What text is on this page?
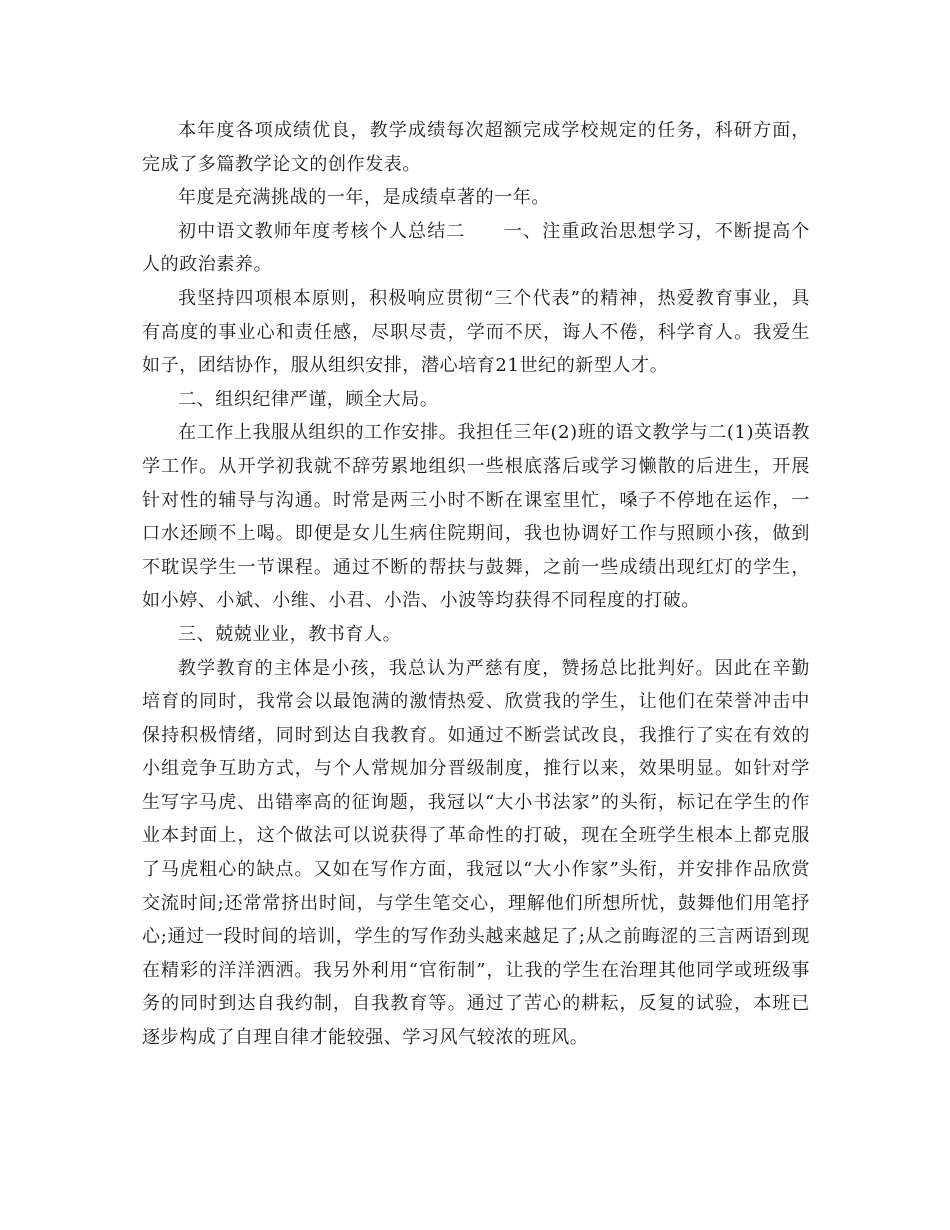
本年度各项成绩优良，教学成绩每次超额完成学校规定的任务，科研方面，完成了多篇教学论文的创作发表。

年度是充满挑战的一年，是成绩卓著的一年。

初中语文教师年度考核个人总结二　　一、注重政治思想学习，不断提高个人的政治素养。

我坚持四项根本原则，积极响应贯彻“三个代表”的精神，热爱教育事业，具有高度的事业心和责任感，尽职尽责，学而不厌，诲人不倦，科学育人。我爱生如子，团结协作，服从组织安排，潜心培育21世纪的新型人才。

二、组织纪律严谨，顾全大局。

在工作上我服从组织的工作安排。我担任三年(2)班的语文教学与二(1)英语教学工作。从开学初我就不辞劳累地组织一些根底落后或学习懒散的后进生，开展针对性的辅导与沟通。时常是两三小时不断在课室里忙，嗓子不停地在运作，一口水还顾不上喝。即便是女儿生病住院期间，我也协调好工作与照顾小孩，做到不耽误学生一节课程。通过不断的帮扶与鼓舞，之前一些成绩出现红灯的学生，如小婷、小斌、小维、小君、小浩、小波等均获得不同程度的打破。

三、兢兢业业，教书育人。

教学教育的主体是小孩，我总认为严慈有度，赞扬总比批判好。因此在辛勤培育的同时，我常会以最饱满的激情热爱、欣赏我的学生，让他们在荣誉冲击中保持积极情绪，同时到达自我教育。如通过不断尝试改良，我推行了实在有效的小组竞争互助方式，与个人常规加分晋级制度，推行以来，效果明显。如针对学生写字马虎、出错率高的征询题，我冠以“大小书法家”的头衔，标记在学生的作业本封面上，这个做法可以说获得了革命性的打破，现在全班学生根本上都克服了马虎粗心的缺点。又如在写作方面，我冠以“大小作家”头衔，并安排作品欣赏交流时间;还常常挤出时间，与学生笔交心，理解他们所想所忧，鼓舞他们用笔抒心;通过一段时间的培训，学生的写作劲头越来越足了;从之前晦涩的三言两语到现在精彩的洋洋洒洒。我另外利用“官衔制”，让我的学生在治理其他同学或班级事务的同时到达自我约制，自我教育等。通过了苦心的耕耘，反复的试验，本班已逐步构成了自理自律才能较强、学习风气较浓的班风。
